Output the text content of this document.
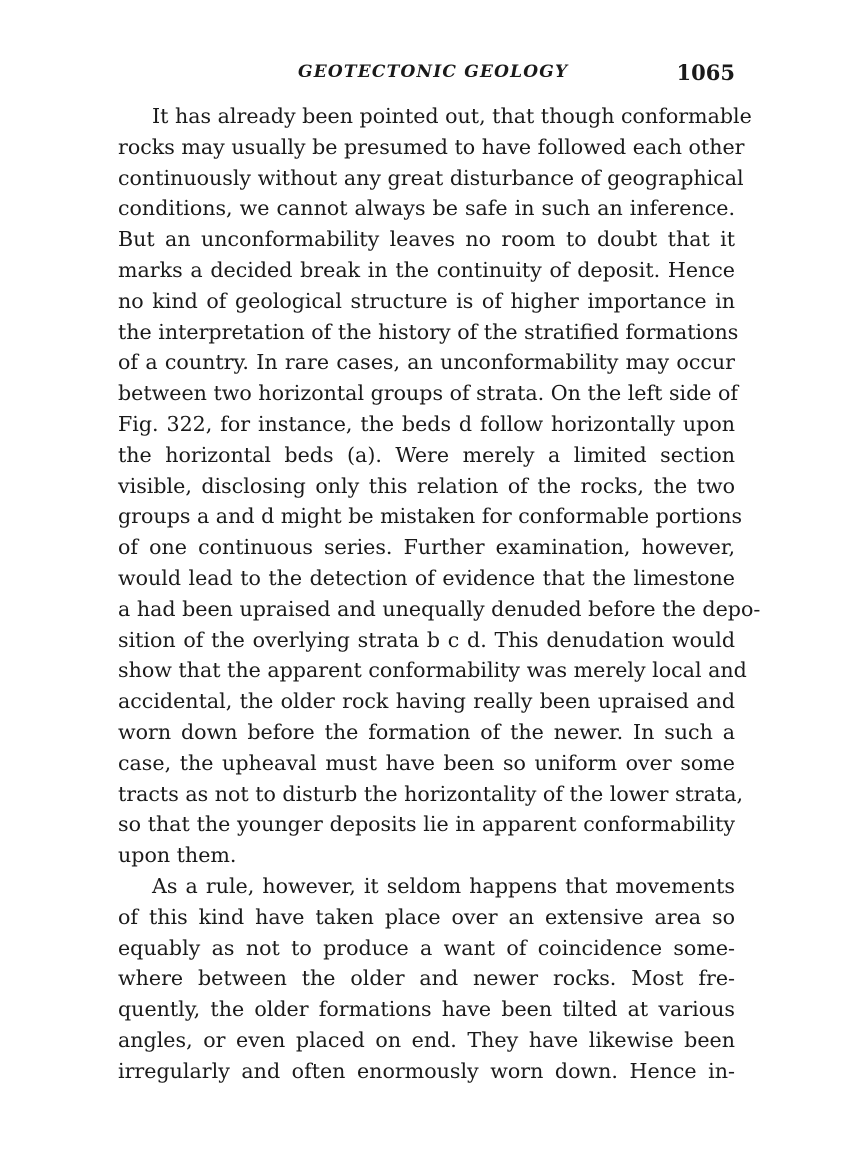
GEOTECTONIC GEOLOGY	1065
It has already been pointed out, that though conformable
rocks may usually be presumed to have followed each other
continuously without any great disturbance of geographical
conditions, we cannot always be safe in such an inference.
But an unconformability leaves no room to doubt that it
marks a decided break in the continuity of deposit. Hence
no kind of geological structure is of higher importance in
the interpretation of the history of the stratified formations
of a country. In rare cases, an unconformability may occur
between two horizontal groups of strata. On the left side of
Fig. 322, for instance, the beds d follow horizontally upon
the horizontal beds (a). Were merely a limited section
visible, disclosing only this relation of the rocks, the two
groups a and d might be mistaken for conformable portions
of one continuous series. Further examination, however,
would lead to the detection of evidence that the limestone
a had been upraised and unequally denuded before the depo-
sition of the overlying strata b c d. This denudation would
show that the apparent conformability was merely local and
accidental, the older rock having really been upraised and
worn down before the formation of the newer. In such a
case, the upheaval must have been so uniform over some
tracts as not to disturb the horizontality of the lower strata,
so that the younger deposits lie in apparent conformability
upon them.
As a rule, however, it seldom happens that movements
of this kind have taken place over an extensive area so
equably as not to produce a want of coincidence some-
where between the older and newer rocks. Most fre-
quently, the older formations have been tilted at various
angles, or even placed on end. They have likewise been
irregularly and often enormously worn down. Hence in-
